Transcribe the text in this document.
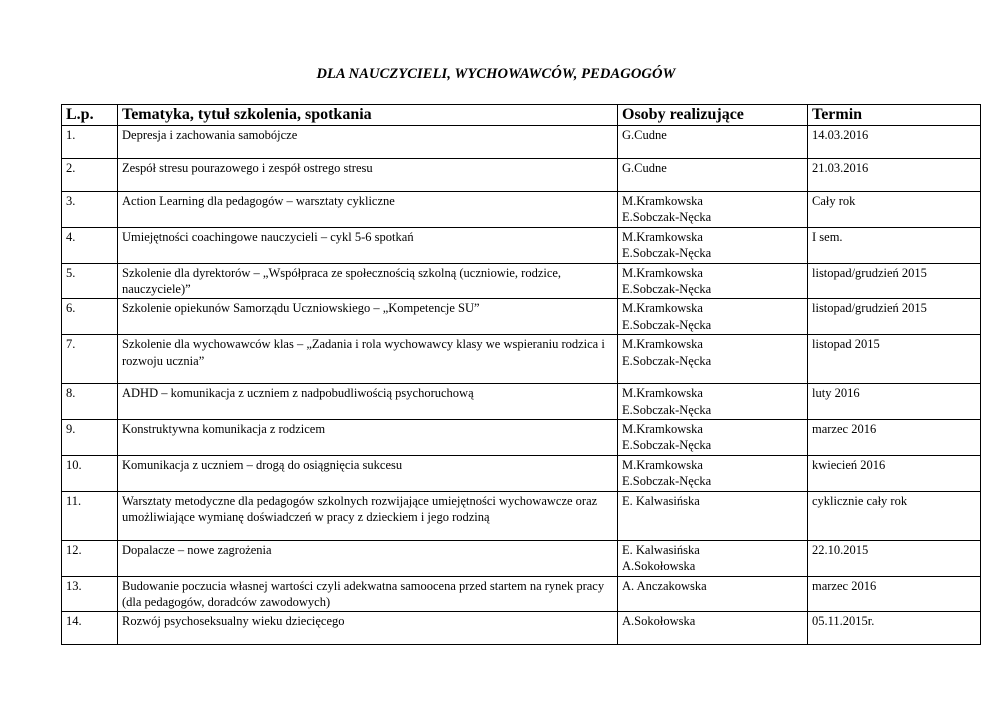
DLA NAUCZYCIELI, WYCHOWAWCÓW, PEDAGOGÓW
L.p.	Tematyka, tytuł szkolenia, spotkania	Osoby realizujące	Termin
1.	Depresja i zachowania samobójcze	G.Cudne	14.03.2016
2.	Zespół stresu pourazowego i zespół ostrego stresu	G.Cudne	21.03.2016
3.	Action Learning dla pedagogów – warsztaty cykliczne	M.Kramkowska
E.Sobczak-Nęcka	Cały rok
4.	Umiejętności coachingowe nauczycieli – cykl 5-6 spotkań	M.Kramkowska
E.Sobczak-Nęcka	I sem.
5.	Szkolenie dla dyrektorów – „Współpraca ze społecznością szkolną (uczniowie, rodzice, nauczyciele)”	M.Kramkowska
E.Sobczak-Nęcka	listopad/grudzień 2015
6.	Szkolenie opiekunów Samorządu Uczniowskiego – „Kompetencje SU”	M.Kramkowska
E.Sobczak-Nęcka	listopad/grudzień 2015
7.	Szkolenie dla wychowawców klas – „Zadania i rola wychowawcy klasy we wspieraniu rodzica i rozwoju ucznia”	M.Kramkowska
E.Sobczak-Nęcka	listopad 2015
8.	ADHD – komunikacja z uczniem z nadpobudliwością psychoruchową	M.Kramkowska
E.Sobczak-Nęcka	luty 2016
9.	Konstruktywna komunikacja z rodzicem	M.Kramkowska
E.Sobczak-Nęcka	marzec 2016
10.	Komunikacja z uczniem – drogą do osiągnięcia sukcesu	M.Kramkowska
E.Sobczak-Nęcka	kwiecień 2016
11.	Warsztaty metodyczne dla pedagogów szkolnych rozwijające umiejętności wychowawcze oraz umożliwiające wymianę doświadczeń w pracy z dzieckiem i jego rodziną	E. Kalwasińska	cyklicznie cały rok
12.	Dopalacze – nowe zagrożenia	E. Kalwasińska
A.Sokołowska	22.10.2015
13.	Budowanie poczucia własnej wartości czyli adekwatna samoocena przed startem na rynek pracy (dla pedagogów, doradców zawodowych)	A. Anczakowska	marzec 2016
14.	Rozwój psychoseksualny wieku dziecięcego	A.Sokołowska	05.11.2015r.
